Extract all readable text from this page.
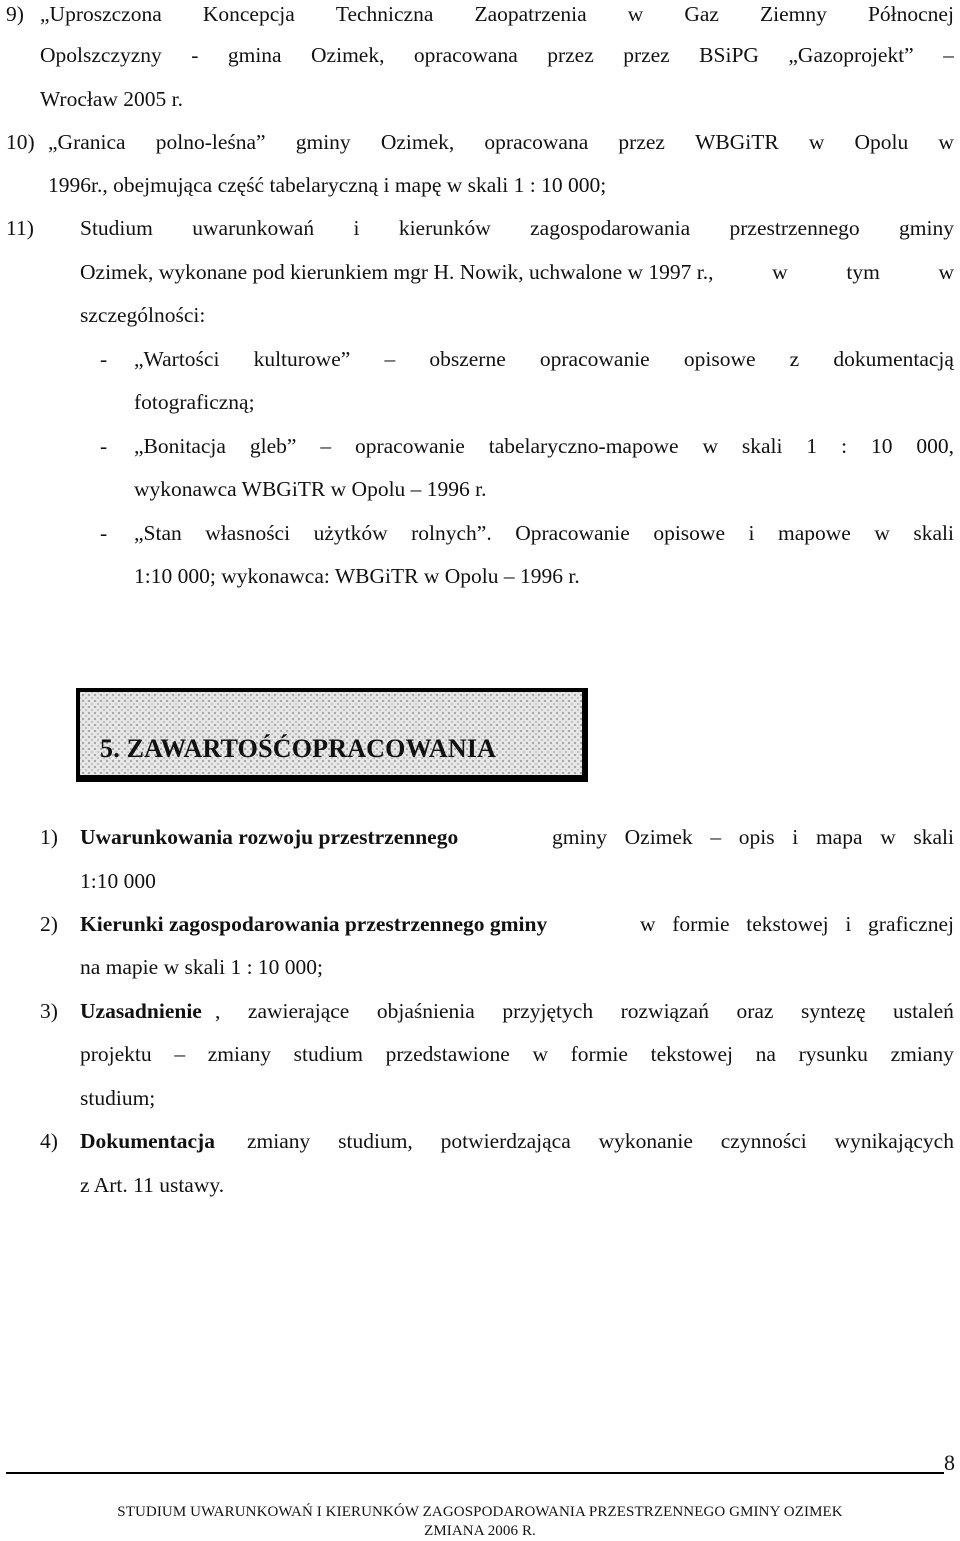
9) „Uproszczona Koncepcja Techniczna Zaopatrzenia w Gaz Ziemny Północnej
Opolszczyzny - gmina Ozimek, opracowana przez przez BSiPG „Gazoprojekt” –
Wrocław 2005 r.
10) „Granica polno-leśna” gminy Ozimek, opracowana przez WBGiTR w Opolu w
1996r., obejmująca część tabelaryczną i mapę w skali 1 : 10 000;
11) Studium uwarunkowań i kierunków zagospodarowania przestrzennego gminy
Ozimek, wykonane pod kierunkiem mgr H. Nowik, uchwalone w 1997 r.,	w	tym	w
szczególności:
- „Wartości kulturowe” – obszerne opracowanie opisowe z dokumentacją
fotograficzną;
- „Bonitacja gleb” – opracowanie tabelaryczno-mapowe w skali 1 : 10 000,
wykonawca WBGiTR w Opolu – 1996 r.
- „Stan własności użytków rolnych”. Opracowanie opisowe i mapowe w skali
1:10 000; wykonawca: WBGiTR w Opolu – 1996 r.
5. ZAWARTOŚĆOPRACOWANIA
1) Uwarunkowania rozwoju przestrzennego	gminy Ozimek – opis i mapa w skali
1:10 000
2) Kierunki zagospodarowania przestrzennego gminy	w formie tekstowej i graficznej
na mapie w skali 1 : 10 000;
3) Uzasadnienie , zawierające objaśnienia przyjętych rozwiązań oraz syntezę ustaleń
projektu – zmiany studium przedstawione w formie tekstowej na rysunku zmiany
studium;
4) Dokumentacja zmiany studium, potwierdzająca wykonanie czynności wynikających
z Art. 11 ustawy.
8
STUDIUM UWARUNKOWAŃ I KIERUNKÓW ZAGOSPODAROWANIA PRZESTRZENNEGO GMINY OZIMEK
ZMIANA 2006 R.
